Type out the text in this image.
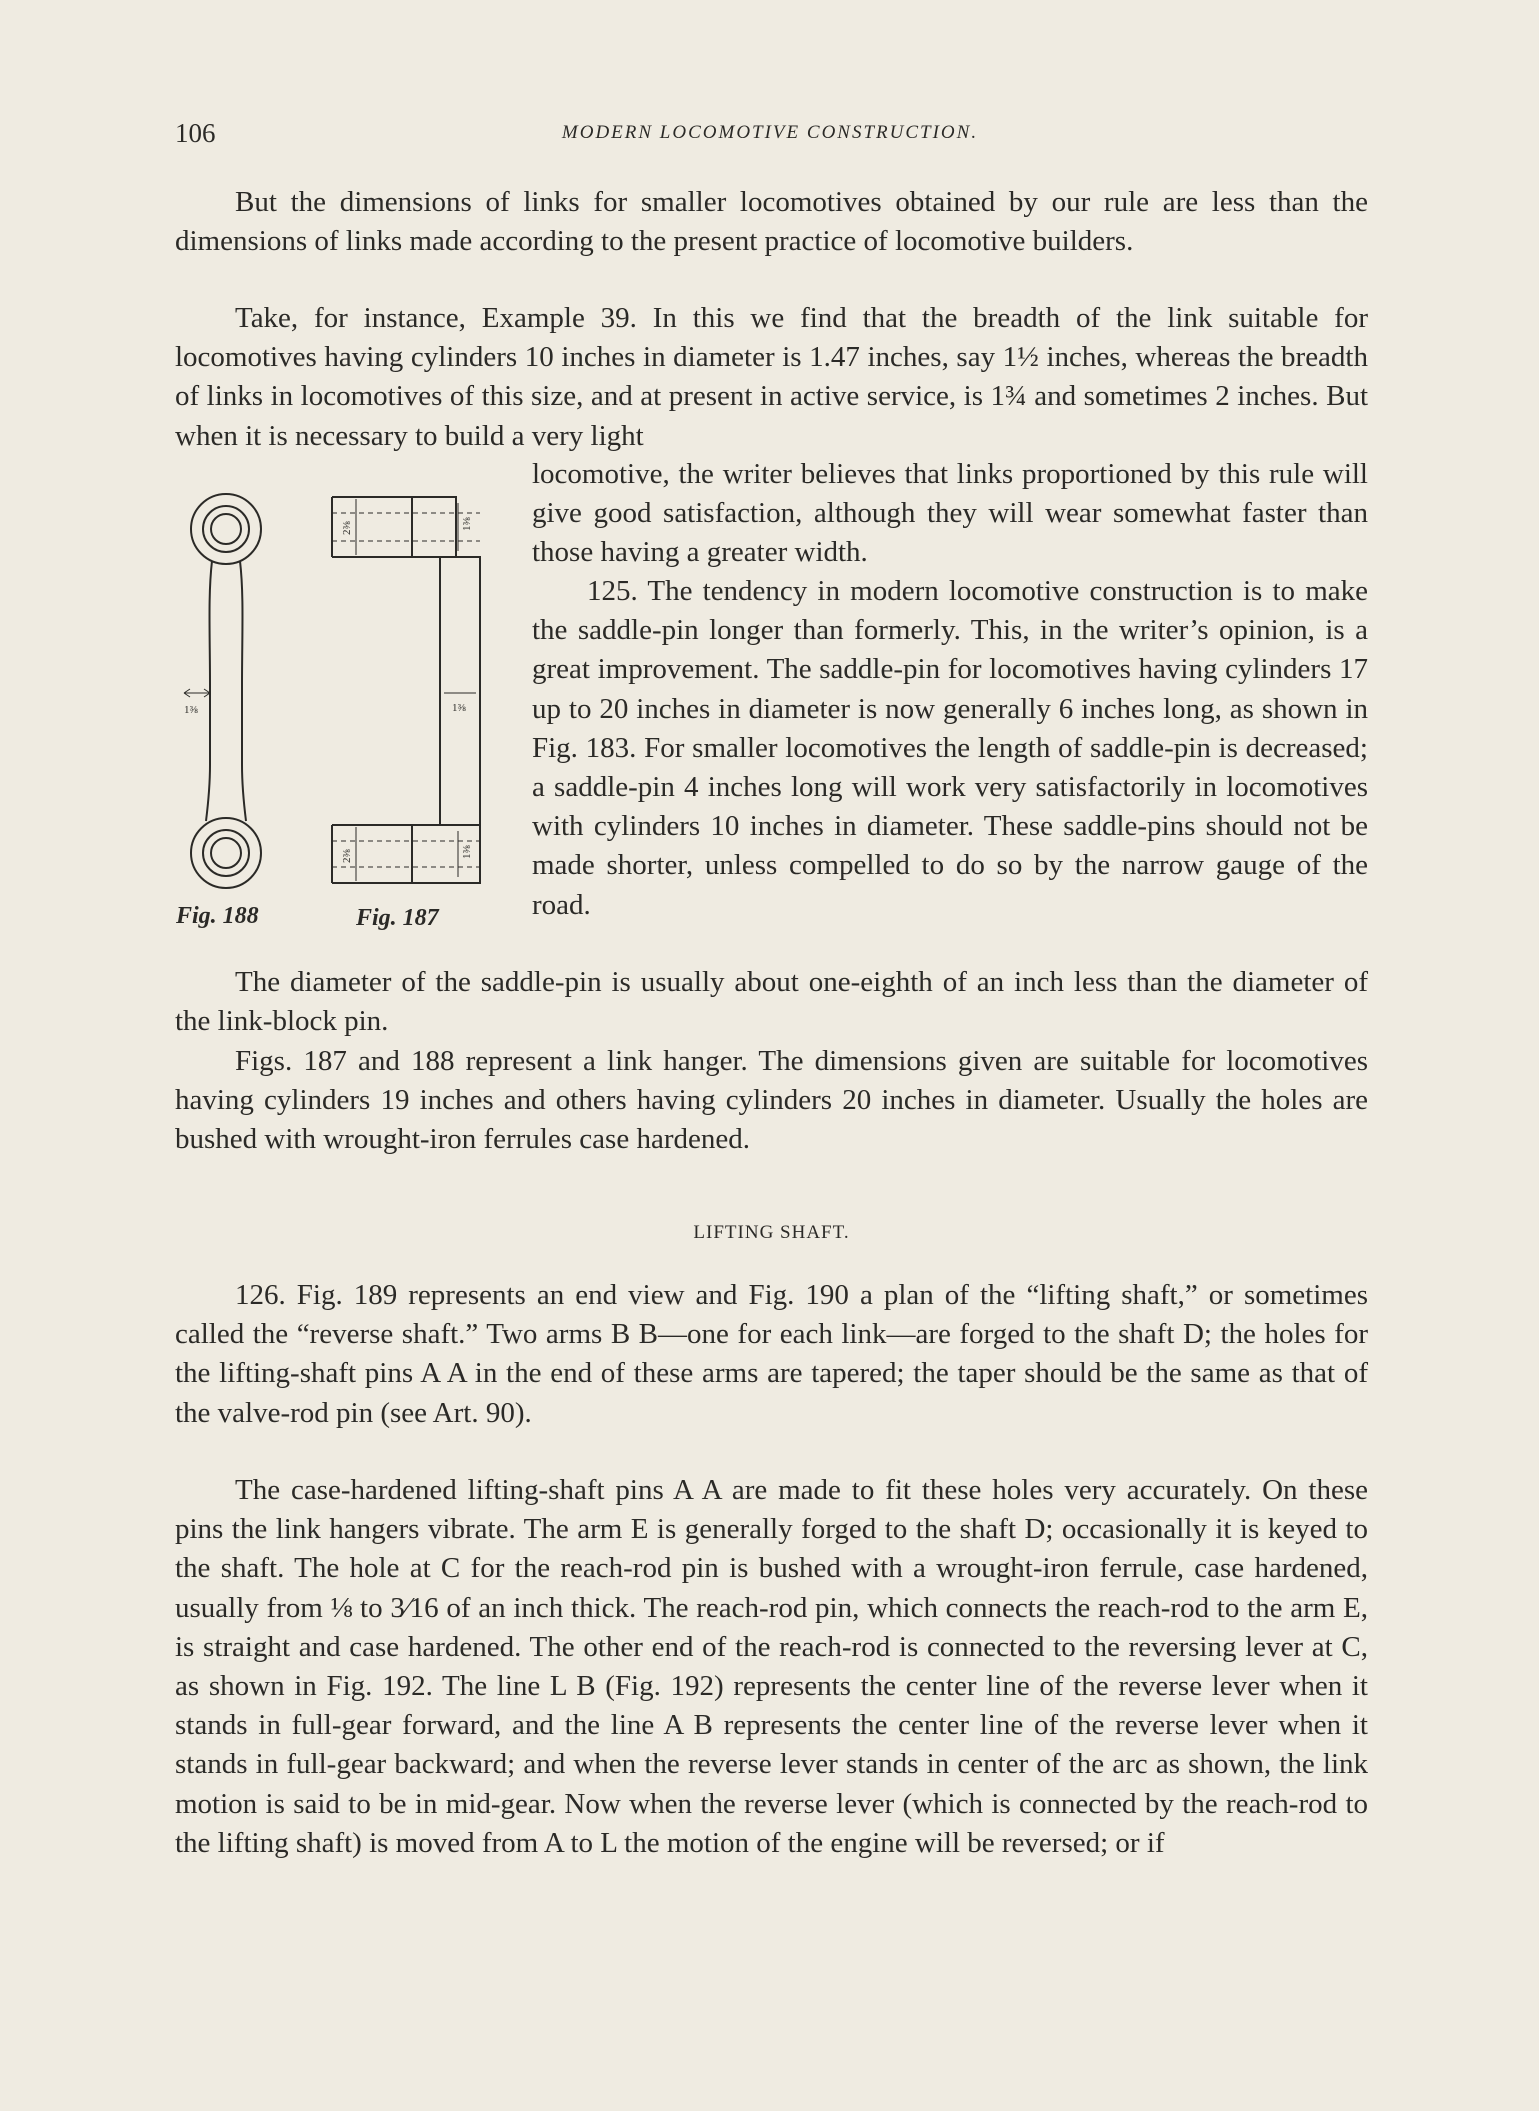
106	MODERN LOCOMOTIVE CONSTRUCTION.

But the dimensions of links for smaller locomotives obtained by our rule are less than the dimensions of links made according to the present practice of locomotive builders.

Take, for instance, Example 39. In this we find that the breadth of the link suitable for locomotives having cylinders 10 inches in diameter is 1.47 inches, say 1½ inches, whereas the breadth of links in locomotives of this size, and at present in active service, is 1¾ and sometimes 2 inches. But when it is necessary to build a very light

locomotive, the writer believes that links proportioned by this rule will give good satisfaction, although they will wear somewhat faster than those having a greater width.

125. The tendency in modern locomotive construction is to make the saddle-pin longer than formerly. This, in the writer’s opinion, is a great improvement. The saddle-pin for locomotives having cylinders 17 up to 20 inches in diameter is now generally 6 inches long, as shown in Fig. 183. For smaller locomotives the length of saddle-pin is decreased; a saddle-pin 4 inches long will work very satisfactorily in locomotives with cylinders 10 inches in diameter. These saddle-pins should not be made shorter, unless compelled to do so by the narrow gauge of the road.

The diameter of the saddle-pin is usually about one-eighth of an inch less than the diameter of the link-block pin.

Figs. 187 and 188 represent a link hanger. The dimensions given are suitable for locomotives having cylinders 19 inches and others having cylinders 20 inches in diameter. Usually the holes are bushed with wrought-iron ferrules case hardened.

LIFTING SHAFT.

126. Fig. 189 represents an end view and Fig. 190 a plan of the “lifting shaft,” or sometimes called the “reverse shaft.” Two arms B B—one for each link—are forged to the shaft D; the holes for the lifting-shaft pins A A in the end of these arms are tapered; the taper should be the same as that of the valve-rod pin (see Art. 90).

The case-hardened lifting-shaft pins A A are made to fit these holes very accurately. On these pins the link hangers vibrate. The arm E is generally forged to the shaft D; occasionally it is keyed to the shaft. The hole at C for the reach-rod pin is bushed with a wrought-iron ferrule, case hardened, usually from ⅛ to 3⁄16 of an inch thick. The reach-rod pin, which connects the reach-rod to the arm E, is straight and case hardened. The other end of the reach-rod is connected to the reversing lever at C, as shown in Fig. 192. The line L B (Fig. 192) represents the center line of the reverse lever when it stands in full-gear forward, and the line A B represents the center line of the reverse lever when it stands in full-gear backward; and when the reverse lever stands in center of the arc as shown, the link motion is said to be in mid-gear. Now when the reverse lever (which is connected by the reach-rod to the lifting shaft) is moved from A to L the motion of the engine will be reversed; or if

1⅜
2⅜	1⅜
1⅜
2⅜	1⅜
Fig. 188	Fig. 187
